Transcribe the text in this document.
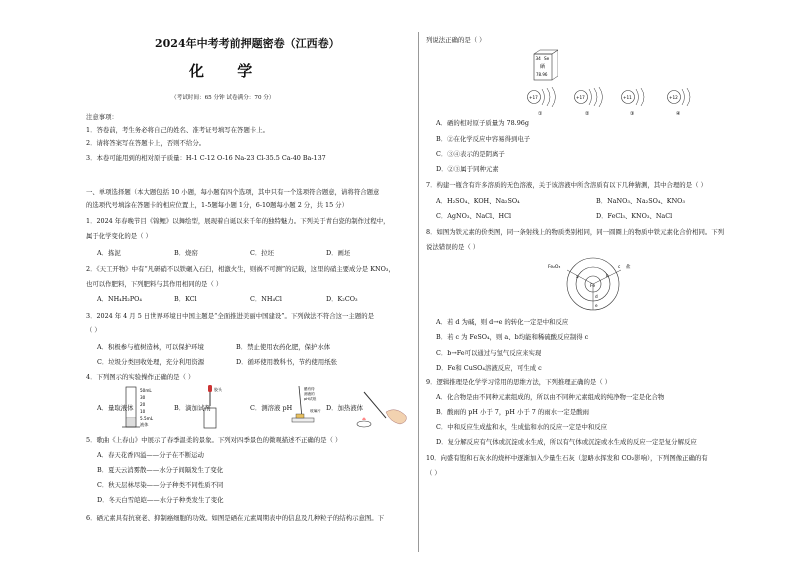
2024年中考考前押题密卷（江西卷）
化 学
（考试时间：65 分钟 试卷满分：70 分）
注意事项：
1．答卷前，考生务必将自己的姓名、准考证号填写在答题卡上。
2．请将答案写在答题卡上，否则不给分。
3．本卷可能用到的相对原子质量：H-1 C-12 O-16 Na-23 Cl-35.5 Ca-40 Ba-137
一、单项选择题（本大题包括 10 小题，每小题有四个选项，其中只有一个选项符合题意，请将符合题意
的选项代号填涂在答题卡的相应位置上，1-5题每小题 1分，6-10题每小题 2 分，共 15 分）
1．2024 年春晚节目《锦鲤》以舞绘型，展现着自诞以来千年的独特魅力。下列关于青白瓷的制作过程中，
属于化学变化的是（ ）
A．拣泥	B．烧窑	C．拉坯	D．画坯
2．《天工开物》中有“凡研硝不以铁碾入石臼，相激火生，则祸不可测”的记载，这里的硝主要成分是 KNO₃，
也可以作肥料，下列肥料与其作用相同的是（ ）
A．NH₄H₂PO₄	B．KCl	C．NH₄Cl	D．K₂CO₃
3．2024 年 4 月 5 日世界环境日中国主题是“全面推进美丽中国建设”。下列做法不符合这一主题的是
（ ）
A．积极参与植树造林，可以保护环境	B．禁止使用农药化肥，保护水体
C．垃圾分类回收处理，充分利用资源	D．循环使用教科书，节约使用纸张
4．下列图示的实验操作正确的是（ ）
50mL
30
20
10
5.5mL
液体
胶头	醋有待
测液的
pH试纸
玻璃片
A．量取液体	B．滴加试剂	C．测溶液 pH	D．加热液体
5．歌曲《上春山》中展示了春季温柔的景象。下列对四季景色的微观描述不正确的是（ ）
A．春天花香四溢——分子在不断运动
B．夏天云消雾散——水分子间隔发生了变化
C．秋天层林尽染——分子种类不同性质不同
D．冬天白雪皑皑——水分子种类发生了变化
6．硒元素具有抗衰老、抑制癌细胞的功效。如图是硒在元素周期表中的信息及几种粒子的结构示意图。下
列说法正确的是（ ）
34 Se
硒
78.96
+17
①
+17
②
+11
③
+12
④
A．硒的相对原子质量为 78.96g
B．②在化学反应中容易得到电子
C．③④表示的是阴离子
D．②③属于同种元素
7．构建一瓶含有许多溶质的无色溶液，关于该溶液中所含溶质有以下几种猜测，其中合理的是（ ）
A．H₂SO₄、KOH、Na₂SO₄	B．NaNO₃、Na₂SO₄、KNO₃
C．AgNO₃、NaCl、HCl	D．FeCl₃、KNO₃、NaCl
8．如图为铁元素的价类图，同一条射线上的物质类别相同，同一圆圈上的物质中铁元素化合价相同。下列
说法错误的是（ ）
Fe₂O₃
Fe
盐
a	b
c
d
e
A．若 d 为碱，则 d→e 的转化一定是中和反应
B．若 c 为 FeSO₄，则 a、b均能和稀硫酸反应制得 c
C．b→Fe可以通过与氢气反应来实现
D．Fe和 CuSO₄溶液反应，可生成 c
9．逻辑推理是化学学习常用的思维方法，下列推理正确的是（ ）
A．化合物是由不同种元素组成的，所以由不同种元素组成的纯净物一定是化合物
B．酸雨的 pH 小于 7，pH 小于 7 的雨水一定是酸雨
C．中和反应生成盐和水，生成盐和水的反应一定是中和反应
D．复分解反应有气体或沉淀或水生成，所以有气体或沉淀或水生成的反应一定是复分解反应
10．向盛有饱和石灰水的烧杯中逐渐加入少量生石灰（忽略水挥发和 CO₂影响），下列图像正确的有
（ ）
